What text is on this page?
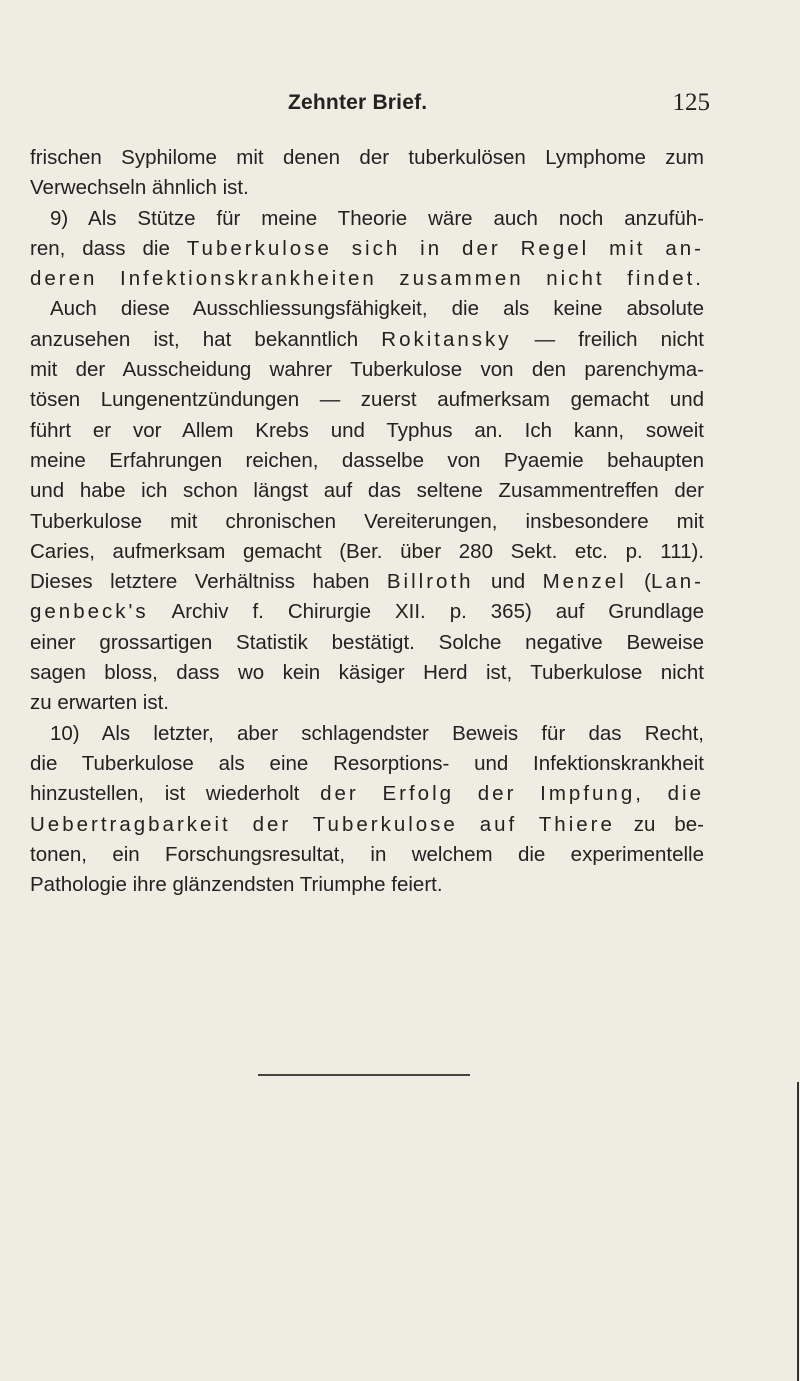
Zehnter Brief.	125
frischen Syphilome mit denen der tuberkulösen Lymphome zum
Verwechseln ähnlich ist.
9) Als Stütze für meine Theorie wäre auch noch anzufüh-
ren, dass die Tuberkulose sich in der Regel mit an-
deren Infektionskrankheiten zusammen nicht findet.
Auch diese Ausschliessungsfähigkeit, die als keine absolute
anzusehen ist, hat bekanntlich Rokitansky — freilich nicht
mit der Ausscheidung wahrer Tuberkulose von den parenchyma-
tösen Lungenentzündungen — zuerst aufmerksam gemacht und
führt er vor Allem Krebs und Typhus an. Ich kann, soweit
meine Erfahrungen reichen, dasselbe von Pyaemie behaupten
und habe ich schon längst auf das seltene Zusammentreffen der
Tuberkulose mit chronischen Vereiterungen, insbesondere mit
Caries, aufmerksam gemacht (Ber. über 280 Sekt. etc. p. 111).
Dieses letztere Verhältniss haben Billroth und Menzel (Lan-
genbeck's Archiv f. Chirurgie XII. p. 365) auf Grundlage
einer grossartigen Statistik bestätigt. Solche negative Beweise
sagen bloss, dass wo kein käsiger Herd ist, Tuberkulose nicht
zu erwarten ist.
10) Als letzter, aber schlagendster Beweis für das Recht,
die Tuberkulose als eine Resorptions- und Infektionskrankheit
hinzustellen, ist wiederholt der Erfolg der Impfung, die
Uebertragbarkeit der Tuberkulose auf Thiere zu be-
tonen, ein Forschungsresultat, in welchem die experimentelle
Pathologie ihre glänzendsten Triumphe feiert.
